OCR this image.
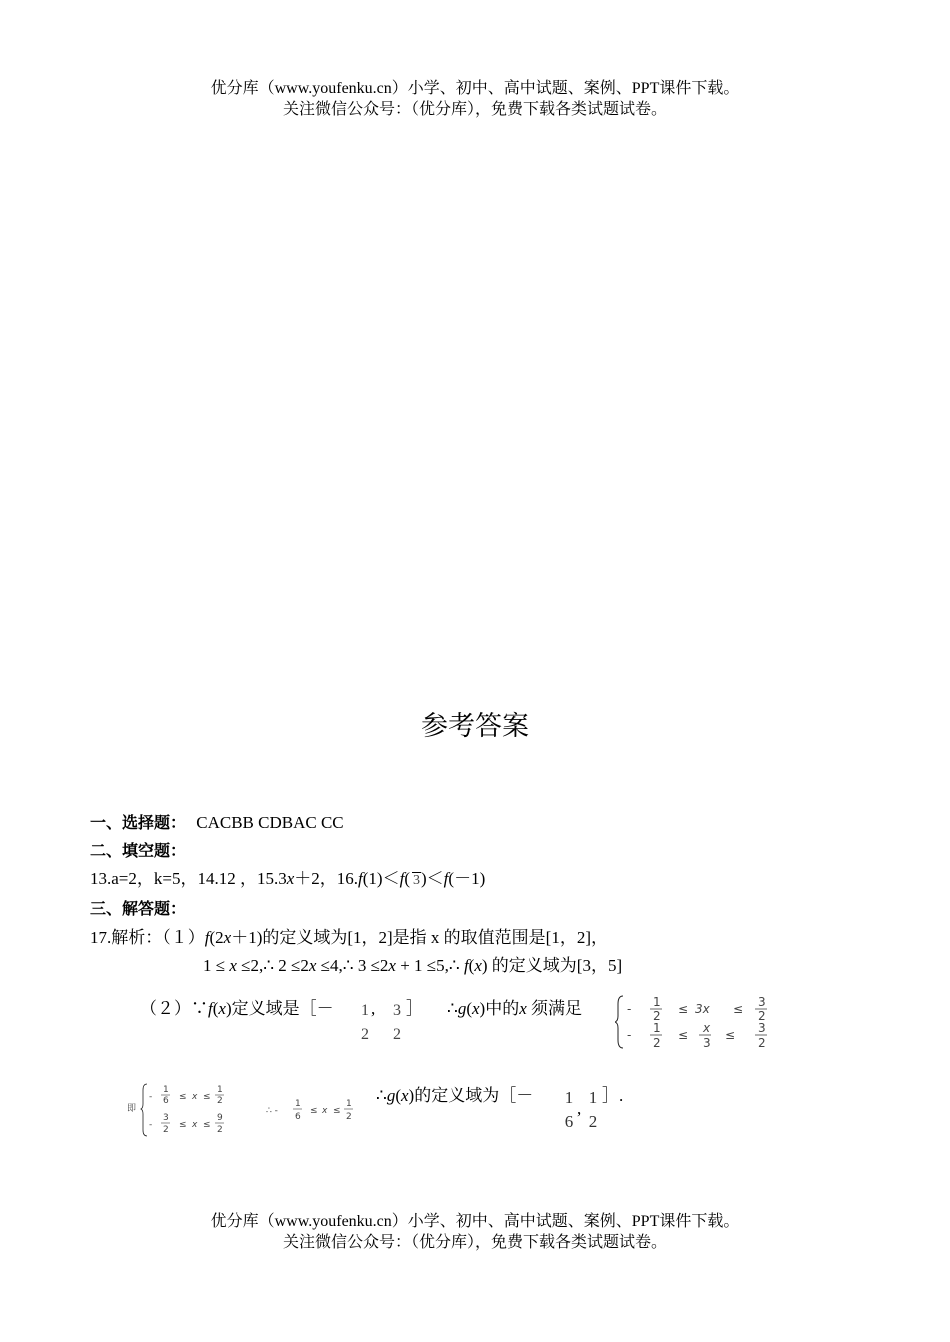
优分库（www.youfenku.cn）小学、初中、高中试题、案例、PPT课件下载。
关注微信公众号：（优分库），免费下载各类试题试卷。
参考答案
一、选择题： CACBB CDBAC CC
二、填空题：
13.a=2，k=5，14.12 ，15.3x＋2，16.f(1)＜f( 3)＜f(－1)
三、解答题：
17.解析：（１）f(2x＋1)的定义域为[1，2]是指 x 的取值范围是[1，2]，
1 ≤ x ≤2,∴ 2 ≤2x ≤4,∴ 3 ≤2x + 1 ≤5,∴ f(x) 的定义域为[3，5]
（２）∵f(x)定义域是［－	1
2
,	3
2
］ ∴g(x)中的x 须满足	- 1
2 ≤ 3x ≤ 3
2
- 1
2
≤ x
3
≤ 3
2
即
-
1
6 ≤ x ≤
1
2
-
3
2 ≤ x ≤
9
2
∴ -
1
6
≤ x ≤
1
2
∴g(x)的定义域为［－ 1
6
,
1
2
］.
优分库（www.youfenku.cn）小学、初中、高中试题、案例、PPT课件下载。
关注微信公众号：（优分库），免费下载各类试题试卷。
